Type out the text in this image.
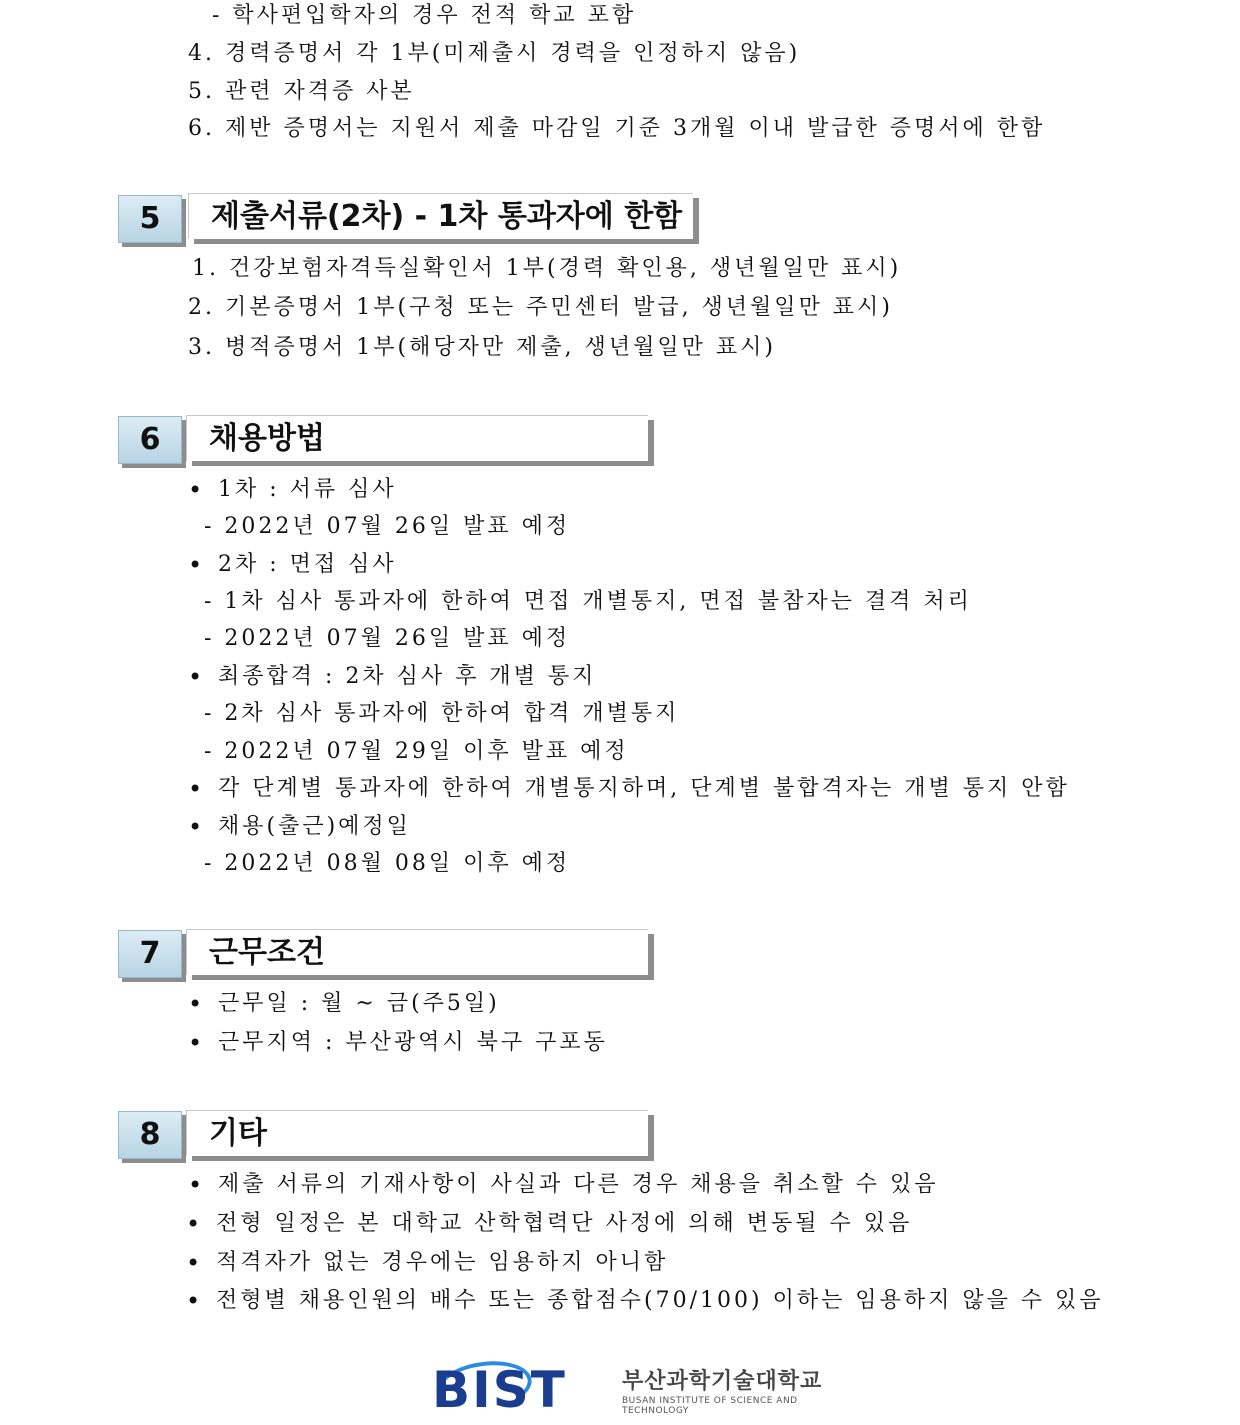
- 학사편입학자의 경우 전적 학교 포함
4. 경력증명서 각 1부(미제출시 경력을 인정하지 않음)
5. 관련 자격증 사본
6. 제반 증명서는 지원서 제출 마감일 기준 3개월 이내 발급한 증명서에 한함
5	제출서류(2차) - 1차 통과자에 한함
1. 건강보험자격득실확인서 1부(경력 확인용, 생년월일만 표시)
2. 기본증명서 1부(구청 또는 주민센터 발급, 생년월일만 표시)
3. 병적증명서 1부(해당자만 제출, 생년월일만 표시)
6	채용방법
• 1차 : 서류 심사
- 2022년 07월 26일 발표 예정
• 2차 : 면접 심사
- 1차 심사 통과자에 한하여 면접 개별통지, 면접 불참자는 결격 처리
- 2022년 07월 26일 발표 예정
• 최종합격 : 2차 심사 후 개별 통지
- 2차 심사 통과자에 한하여 합격 개별통지
- 2022년 07월 29일 이후 발표 예정
• 각 단계별 통과자에 한하여 개별통지하며, 단계별 불합격자는 개별 통지 안함
• 채용(출근)예정일
- 2022년 08월 08일 이후 예정
7	근무조건
• 근무일 : 월 ~ 금(주5일)
• 근무지역 : 부산광역시 북구 구포동
8	기타
• 제출 서류의 기재사항이 사실과 다른 경우 채용을 취소할 수 있음
• 전형 일정은 본 대학교 산학협력단 사정에 의해 변동될 수 있음
• 적격자가 없는 경우에는 임용하지 아니함
• 전형별 채용인원의 배수 또는 종합점수(70/100) 이하는 임용하지 않을 수 있음
BIST	부산과학기술대학교
BUSAN INSTITUTE OF SCIENCE AND TECHNOLOGY
